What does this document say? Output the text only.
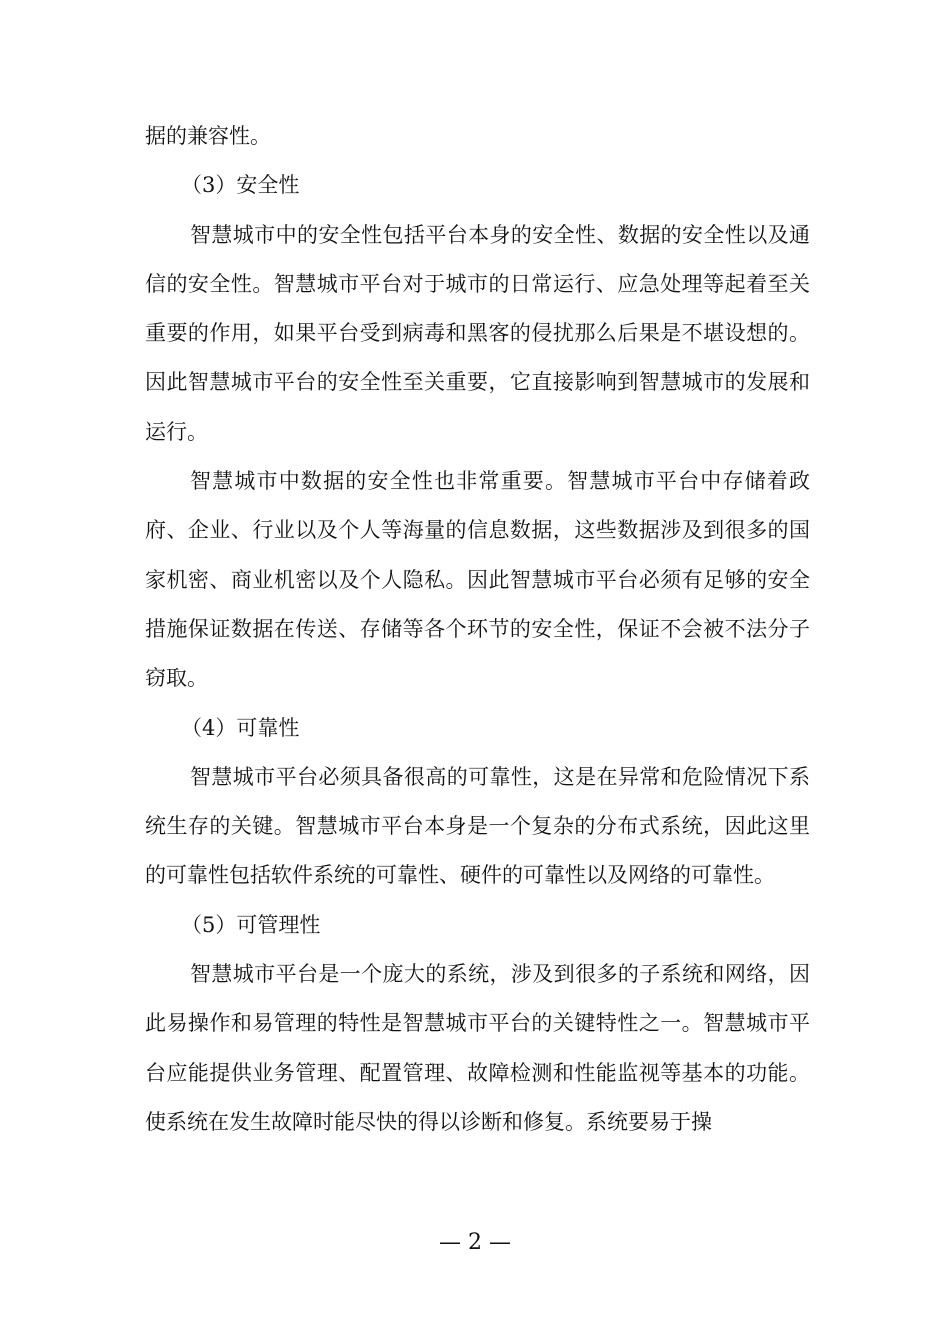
据的兼容性。

（3）安全性

智慧城市中的安全性包括平台本身的安全性、数据的安全性以及通信的安全性。智慧城市平台对于城市的日常运行、应急处理等起着至关重要的作用，如果平台受到病毒和黑客的侵扰那么后果是不堪设想的。因此智慧城市平台的安全性至关重要，它直接影响到智慧城市的发展和运行。

智慧城市中数据的安全性也非常重要。智慧城市平台中存储着政府、企业、行业以及个人等海量的信息数据，这些数据涉及到很多的国家机密、商业机密以及个人隐私。因此智慧城市平台必须有足够的安全措施保证数据在传送、存储等各个环节的安全性，保证不会被不法分子窃取。

（4）可靠性

智慧城市平台必须具备很高的可靠性，这是在异常和危险情况下系统生存的关键。智慧城市平台本身是一个复杂的分布式系统，因此这里的可靠性包括软件系统的可靠性、硬件的可靠性以及网络的可靠性。

（5）可管理性

智慧城市平台是一个庞大的系统，涉及到很多的子系统和网络，因此易操作和易管理的特性是智慧城市平台的关键特性之一。智慧城市平台应能提供业务管理、配置管理、故障检测和性能监视等基本的功能。使系统在发生故障时能尽快的得以诊断和修复。系统要易于操

— 2 —
